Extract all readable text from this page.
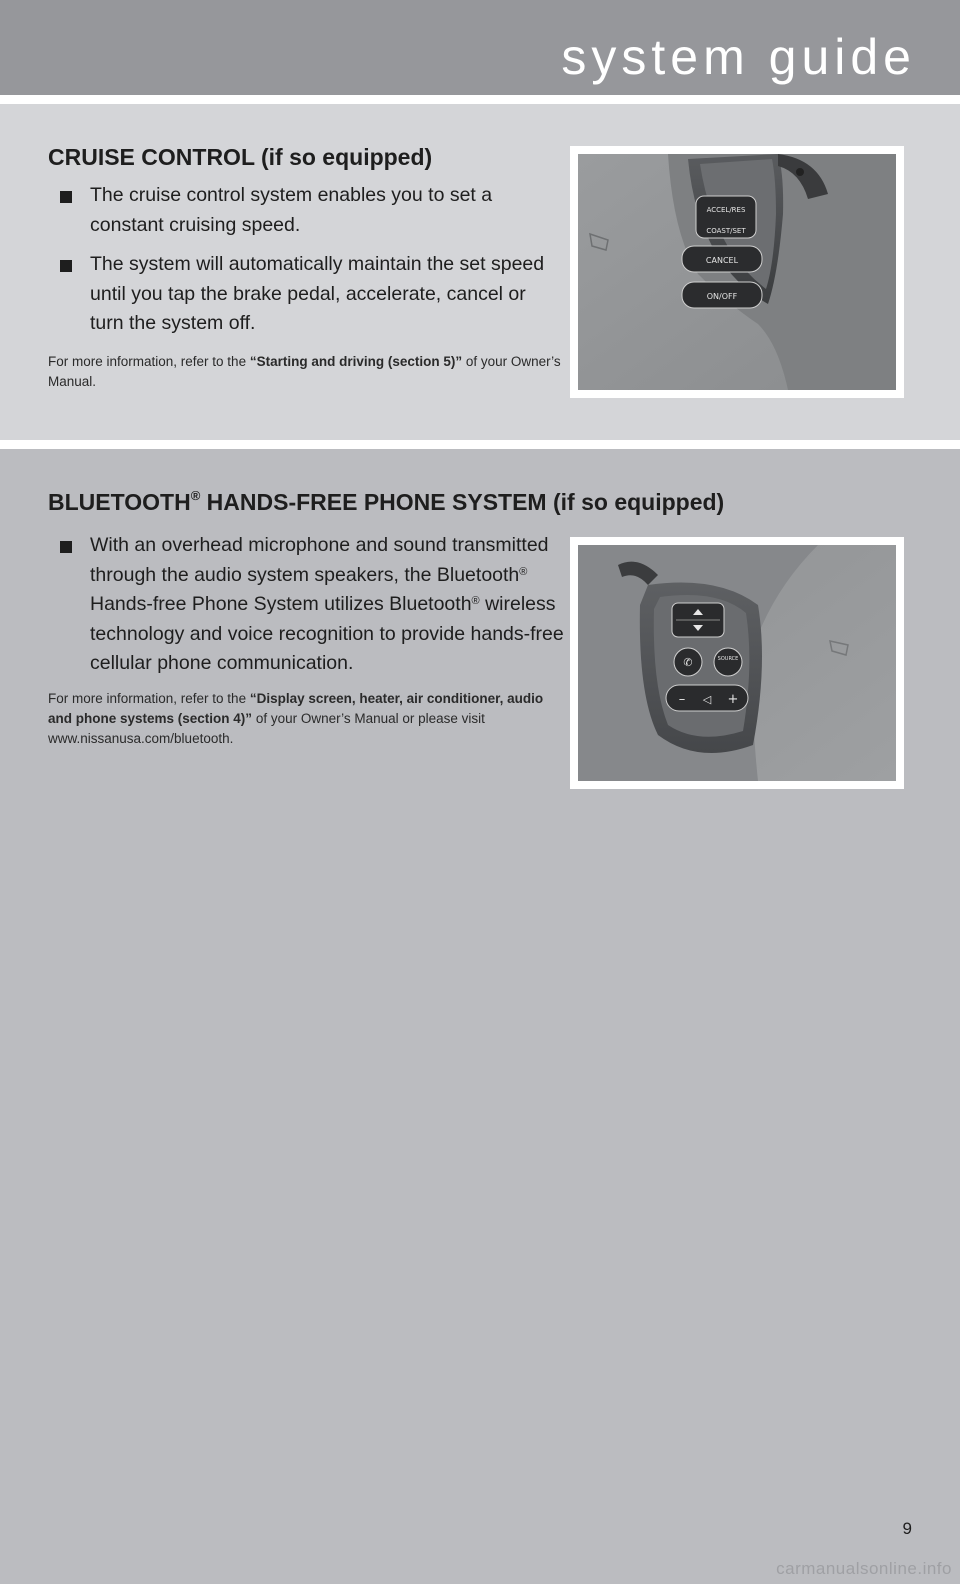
system guide
CRUISE CONTROL (if so equipped)
The cruise control system enables you to set a constant cruising speed.
The system will automatically maintain the set speed until you tap the brake pedal, accelerate, cancel or turn the system off.
For more information, refer to the “Starting and driving (section 5)” of your Owner’s Manual.
ACCEL/RES
COAST/SET
CANCEL
ON/OFF
BLUETOOTH® HANDS-FREE PHONE SYSTEM (if so equipped)
With an overhead microphone and sound transmitted through the audio system speakers, the Bluetooth® Hands-free Phone System utilizes Bluetooth® wireless technology and voice recognition to provide hands-free cellular phone communication.
For more information, refer to the “Display screen, heater, air conditioner, audio and phone systems (section 4)” of your Owner’s Manual or please visit www.nissanusa.com/bluetooth.
✆	SOURCE
– ◁ +
9
carmanualsonline.info
